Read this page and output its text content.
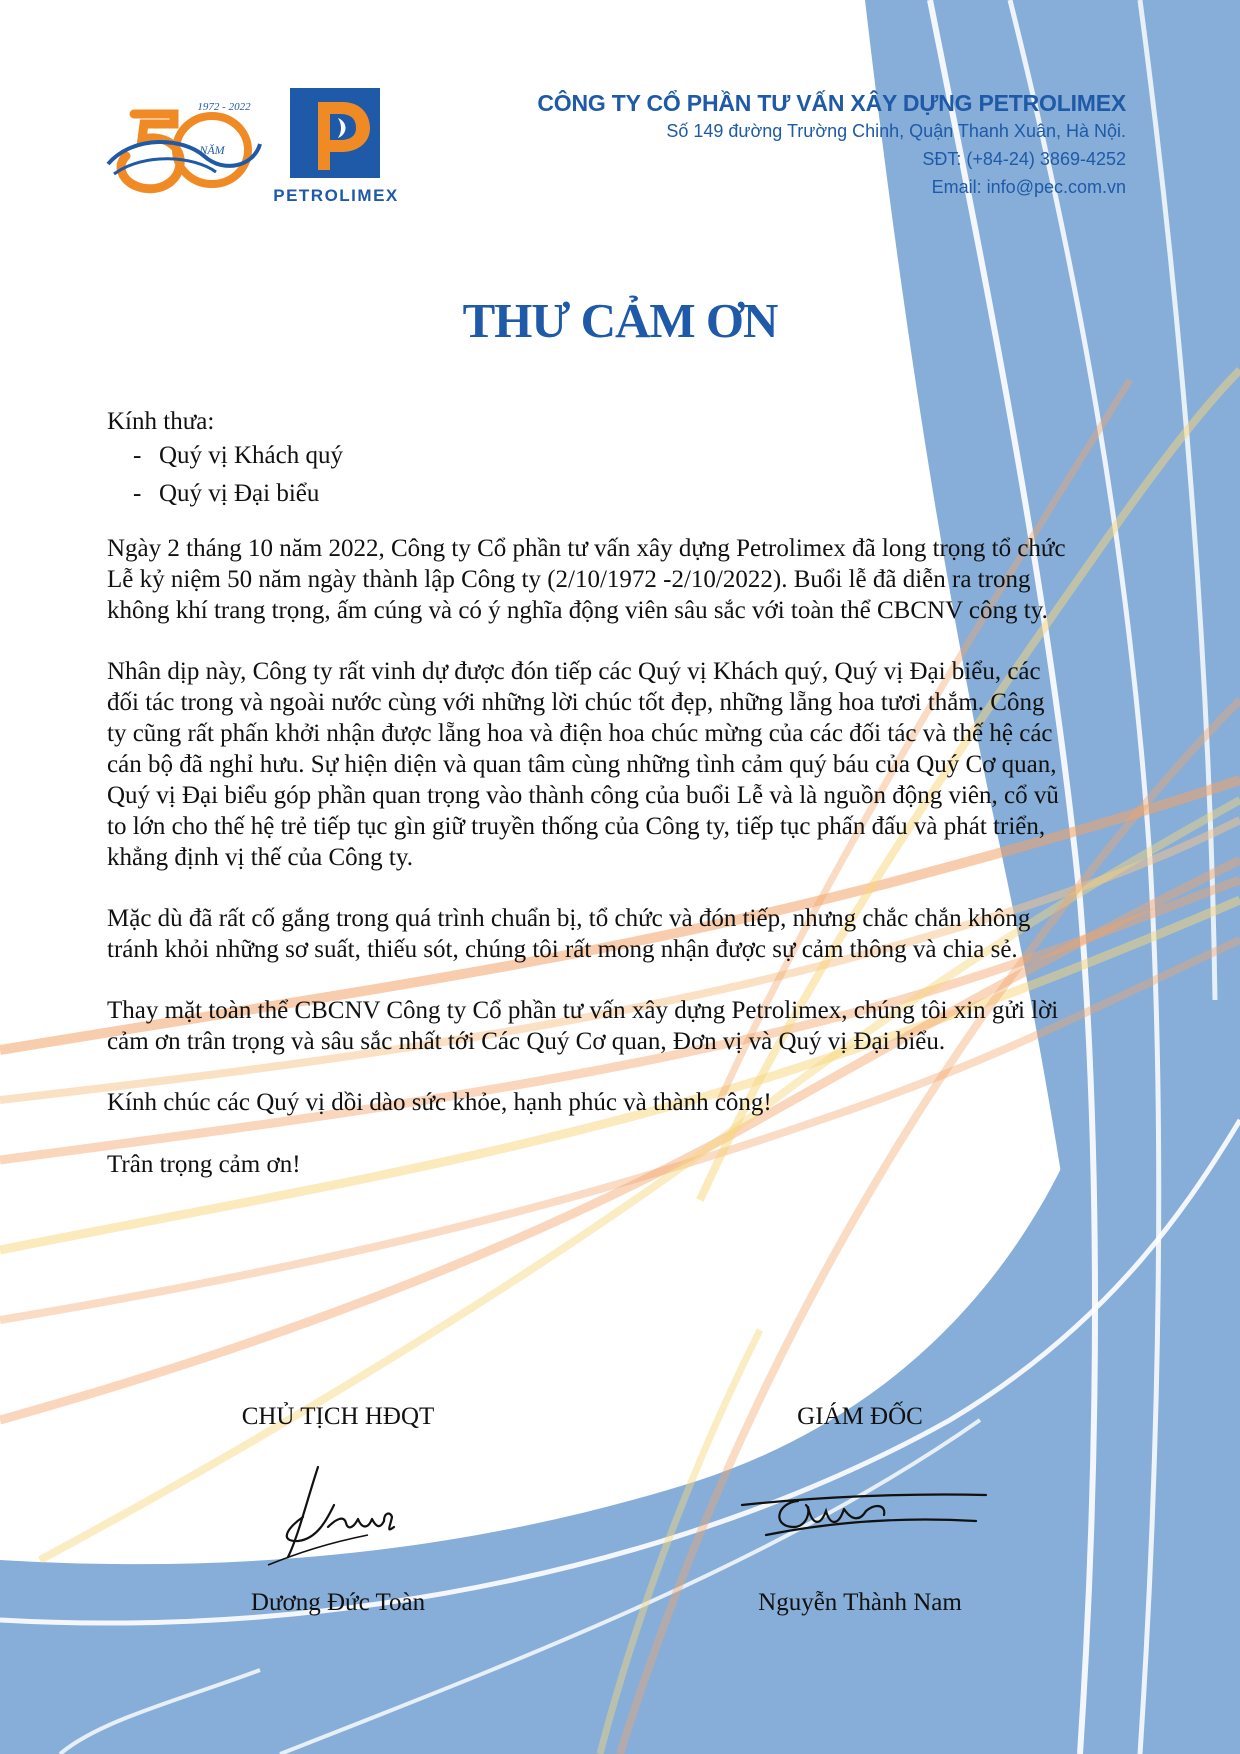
1972 - 2022
NĂM
PETROLIMEX
CÔNG TY CỔ PHẦN TƯ VẤN XÂY DỰNG PETROLIMEX
Số 149 đường Trường Chinh, Quận Thanh Xuân, Hà Nội.
SĐT: (+84-24) 3869-4252
Email: info@pec.com.vn
THƯ CẢM ƠN

Kính thưa:

- Quý vị Khách quý
- Quý vị Đại biểu

Ngày 2 tháng 10 năm 2022, Công ty Cổ phần tư vấn xây dựng Petrolimex đã long trọng tổ chức Lễ kỷ niệm 50 năm ngày thành lập Công ty (2/10/1972 -2/10/2022). Buổi lễ đã diễn ra trong không khí trang trọng, ấm cúng và có ý nghĩa động viên sâu sắc với toàn thể CBCNV công ty.

Nhân dịp này, Công ty rất vinh dự được đón tiếp các Quý vị Khách quý, Quý vị Đại biểu, các đối tác trong và ngoài nước cùng với những lời chúc tốt đẹp, những lẵng hoa tươi thắm. Công ty cũng rất phấn khởi nhận được lẵng hoa và điện hoa chúc mừng của các đối tác và thế hệ các cán bộ đã nghỉ hưu. Sự hiện diện và quan tâm cùng những tình cảm quý báu của Quý Cơ quan, Quý vị Đại biểu góp phần quan trọng vào thành công của buổi Lễ và là nguồn động viên, cổ vũ to lớn cho thế hệ trẻ tiếp tục gìn giữ truyền thống của Công ty, tiếp tục phấn đấu và phát triển, khẳng định vị thế của Công ty.

Mặc dù đã rất cố gắng trong quá trình chuẩn bị, tổ chức và đón tiếp, nhưng chắc chắn không tránh khỏi những sơ suất, thiếu sót, chúng tôi rất mong nhận được sự cảm thông và chia sẻ.

Thay mặt toàn thể CBCNV Công ty Cổ phần tư vấn xây dựng Petrolimex, chúng tôi xin gửi lời cảm ơn trân trọng và sâu sắc nhất tới Các Quý Cơ quan, Đơn vị và Quý vị Đại biểu.

Kính chúc các Quý vị dồi dào sức khỏe, hạnh phúc và thành công!

Trân trọng cảm ơn!

CHỦ TỊCH HĐQT
Dương Đức Toàn
GIÁM ĐỐC
Nguyễn Thành Nam
